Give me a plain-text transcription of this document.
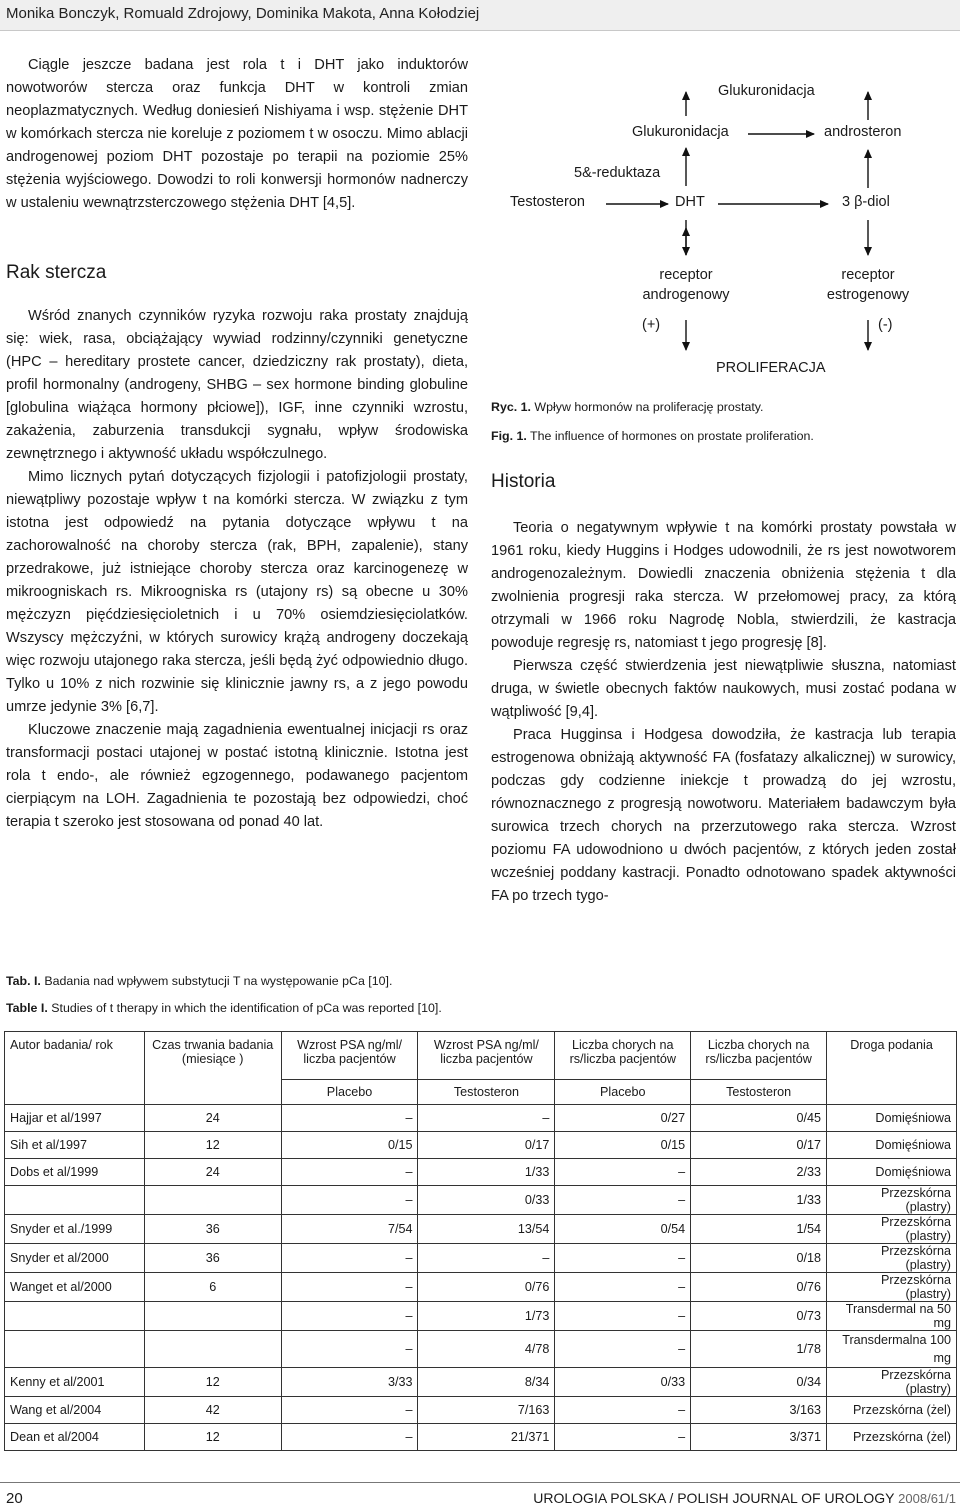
Monika Bonczyk, Romuald Zdrojowy, Dominika Makota, Anna Kołodziej

Ciągle jeszcze badana jest rola t i DHT jako induktorów nowotworów stercza oraz funkcja DHT w kontroli zmian neoplazmatycznych. Według doniesień Nishiyama i wsp. stężenie DHT w komórkach stercza nie koreluje z poziomem t w osoczu. Mimo ablacji androgenowej poziom DHT pozostaje po terapii na poziomie 25% stężenia wyjściowego. Dowodzi to roli konwersji hormonów nadnerczy w ustaleniu wewnątrzsterczowego stężenia DHT [4,5].

Rak stercza

Wśród znanych czynników ryzyka rozwoju raka prostaty znajdują się: wiek, rasa, obciążający wywiad rodzinny/czynniki genetyczne (HPC – hereditary prostete cancer, dziedziczny rak prostaty), dieta, profil hormonalny (androgeny, SHBG – sex hormone binding globuline [globulina wiążąca hormony płciowe]), IGF, inne czynniki wzrostu, zakażenia, zaburzenia transdukcji sygnału, wpływ środowiska zewnętrznego i aktywność układu współczulnego.

Mimo licznych pytań dotyczących fizjologii i patofizjologii prostaty, niewątpliwy pozostaje wpływ t na komórki stercza. W związku z tym istotna jest odpowiedź na pytania dotyczące wpływu t na zachorowalność na choroby stercza (rak, BPH, zapalenie), stany przedrakowe, już istniejące choroby stercza oraz karcinogenezę w mikroogniskach rs. Mikroogniska rs (utajony rs) są obecne u 30% mężczyzn pięćdziesięcioletnich i u 70% osiemdziesięciolatków. Wszyscy mężczyźni, w których surowicy krążą androgeny doczekają więc rozwoju utajonego raka stercza, jeśli będą żyć odpowiednio długo. Tylko u 10% z nich rozwinie się klinicznie jawny rs, a z jego powodu umrze jedynie 3% [6,7].

Kluczowe znaczenie mają zagadnienia ewentualnej inicjacji rs oraz transformacji postaci utajonej w postać istotną klinicznie. Istotna jest rola t endo-, ale również egzogennego, podawanego pacjentom cierpiącym na LOH. Zagadnienia te pozostają bez odpowiedzi, choć terapia t szeroko jest stosowana od ponad 40 lat.

Glukuronidacja
Glukuronidacja	androsteron
5&-reduktaza
Testosteron	DHT	3 β-diol
receptor
androgenowy
receptor
estrogenowy
(+)	(-)
PROLIFERACJA
Ryc. 1. Wpływ hormonów na proliferację prostaty.
Fig. 1. The influence of hormones on prostate proliferation.
Historia

Teoria o negatywnym wpływie t na komórki prostaty powstała w 1961 roku, kiedy Huggins i Hodges udowodnili, że rs jest nowotworem androgenozależnym. Dowiedli znaczenia obniżenia stężenia t dla zwolnienia progresji raka stercza. W przełomowej pracy, za którą otrzymali w 1966 roku Nagrodę Nobla, stwierdzili, że kastracja powoduje regresję rs, natomiast t jego progresję [8].

Pierwsza część stwierdzenia jest niewątpliwie słuszna, natomiast druga, w świetle obecnych faktów naukowych, musi zostać podana w wątpliwość [9,4].

Praca Hugginsa i Hodgesa dowodziła, że kastracja lub terapia estrogenowa obniżają aktywność FA (fosfatazy alkalicznej) w surowicy, podczas gdy codzienne iniekcje t prowadzą do jej wzrostu, równoznacznego z progresją nowotworu. Materiałem badawczym była surowica trzech chorych na przerzutowego raka stercza. Wzrost poziomu FA udowodniono u dwóch pacjentów, z których jeden został wcześniej poddany kastracji. Ponadto odnotowano spadek aktywności FA po trzech tygo-

Tab. I. Badania nad wpływem substytucji T na występowanie pCa [10].
Table I. Studies of t therapy in which the identification of pCa was reported [10].
Autor badania/ rok	Czas trwania badania (miesiące )	Wzrost PSA ng/ml/ liczba pacjentów	Wzrost PSA ng/ml/ liczba pacjentów	Liczba chorych na rs/liczba pacjentów	Liczba chorych na rs/liczba pacjentów	Droga podania
		Placebo	Testosteron	Placebo	Testosteron	
Hajjar et al/1997	24	–	–	0/27	0/45	Domięśniowa
Sih et al/1997	12	0/15	0/17	0/15	0/17	Domięśniowa
Dobs et al/1999	24	–	1/33	–	2/33	Domięśniowa
		–	0/33	–	1/33	Przezskórna (plastry)
Snyder et al./1999	36	7/54	13/54	0/54	1/54	Przezskórna (plastry)
Snyder et al/2000	36	–	–	–	0/18	Przezskórna (plastry)
Wanget et al/2000	6	–	0/76	–	0/76	Przezskórna (plastry)
		–	1/73	–	0/73	Transdermal na 50 mg
		–	4/78	–	1/78	Transdermalna 100 mg
Kenny et al/2001	12	3/33	8/34	0/33	0/34	Przezskórna (plastry)
Wang et al/2004	42	–	7/163	–	3/163	Przezskórna (żel)
Dean et al/2004	12	–	21/371	–	3/371	Przezskórna (żel)
20	UROLOGIA POLSKA / POLISH JOURNAL OF UROLOGY 2008/61/1
